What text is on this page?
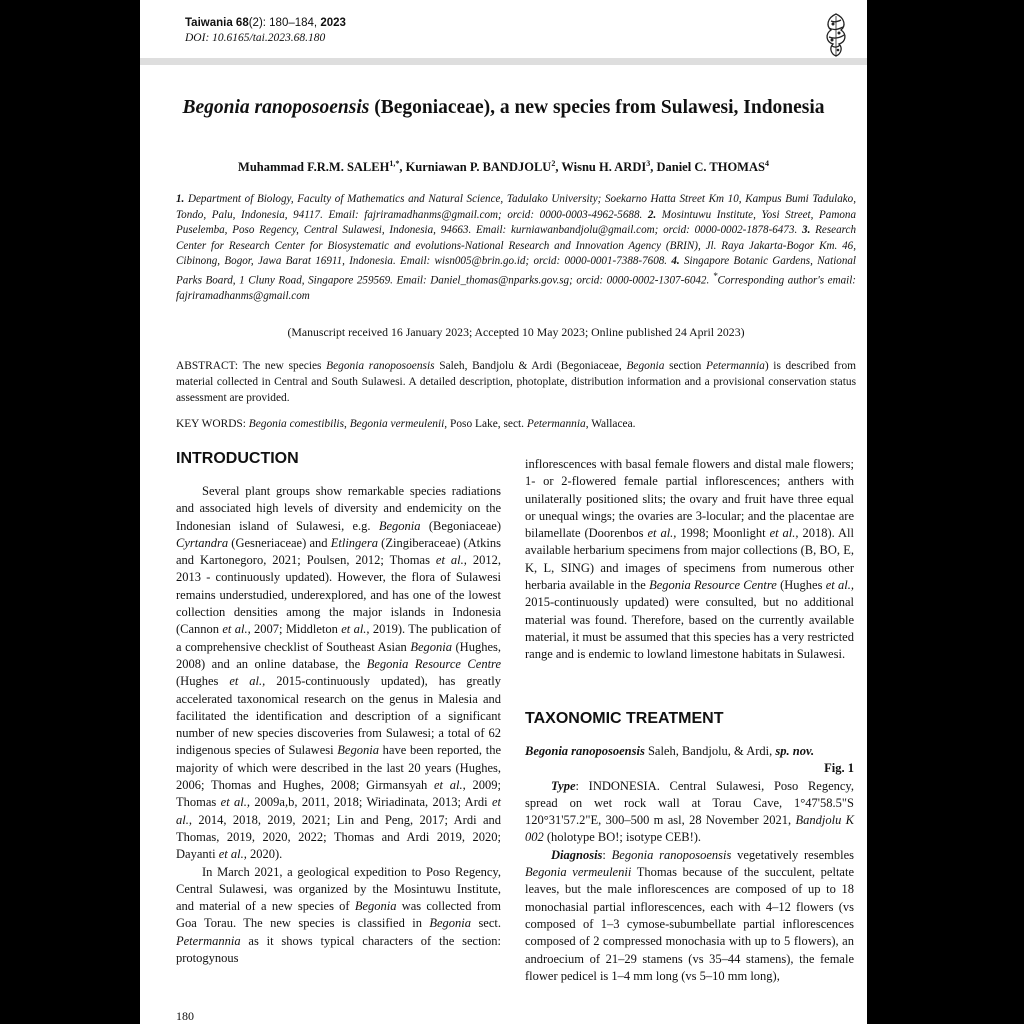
Taiwania 68(2): 180–184, 2023
DOI: 10.6165/tai.2023.68.180
Begonia ranoposoensis (Begoniaceae), a new species from Sulawesi, Indonesia
Muhammad F.R.M. $SALEH^{1,*}$, Kurniawan P. BANDJOLU$^2$, Wisnu H. ARDI$^3$, Daniel C. THOMAS$^4$
1. Department of Biology, Faculty of Mathematics and Natural Science, Tadulako University; Soekarno Hatta Street Km 10, Kampus Bumi Tadulako, Tondo, Palu, Indonesia, 94117. Email: fajriramadhanms@gmail.com; orcid: 0000-0003-4962-5688. 2. Mosintuwu Institute, Yosi Street, Pamona Puselemba, Poso Regency, Central Sulawesi, Indonesia, 94663. Email: kurniawanbandjolu@gmail.com; orcid: 0000-0002-1878-6473. 3. Research Center for Research Center for Biosystematic and evolutions-National Research and Innovation Agency (BRIN), Jl. Raya Jakarta-Bogor Km. 46, Cibinong, Bogor, Jawa Barat 16911, Indonesia. Email: wisn005@brin.go.id; orcid: 0000-0001-7388-7608. 4. Singapore Botanic Gardens, National Parks Board, 1 Cluny Road, Singapore 259569. Email: Daniel_thomas@nparks.gov.sg; orcid: 0000-0002-1307-6042. *Corresponding author's email: fajriramadhanms@gmail.com
(Manuscript received 16 January 2023; Accepted 10 May 2023; Online published 24 April 2023)
ABSTRACT: The new species Begonia ranoposoensis Saleh, Bandjolu & Ardi (Begoniaceae, Begonia section Petermannia) is described from material collected in Central and South Sulawesi. A detailed description, photoplate, distribution information and a provisional conservation status assessment are provided.
KEY WORDS: Begonia comestibilis, Begonia vermeulenii, Poso Lake, sect. Petermannia, Wallacea.
INTRODUCTION

Several plant groups show remarkable species radiations and associated high levels of diversity and endemicity on the Indonesian island of Sulawesi, e.g. Begonia (Begoniaceae) Cyrtandra (Gesneriaceae) and Etlingera (Zingiberaceae) (Atkins and Kartonegoro, 2021; Poulsen, 2012; Thomas et al., 2012, 2013 - continuously updated). However, the flora of Sulawesi remains understudied, underexplored, and has one of the lowest collection densities among the major islands in Indonesia (Cannon et al., 2007; Middleton et al., 2019). The publication of a comprehensive checklist of Southeast Asian Begonia (Hughes, 2008) and an online database, the Begonia Resource Centre (Hughes et al., 2015-continuously updated), has greatly accelerated taxonomical research on the genus in Malesia and facilitated the identification and description of a significant number of new species discoveries from Sulawesi; a total of 62 indigenous species of Sulawesi Begonia have been reported, the majority of which were described in the last 20 years (Hughes, 2006; Thomas and Hughes, 2008; Girmansyah et al., 2009; Thomas et al., 2009a,b, 2011, 2018; Wiriadinata, 2013; Ardi et al., 2014, 2018, 2019, 2021; Lin and Peng, 2017; Ardi and Thomas, 2019, 2020, 2022; Thomas and Ardi 2019, 2020; Dayanti et al., 2020).

In March 2021, a geological expedition to Poso Regency, Central Sulawesi, was organized by the Mosintuwu Institute, and material of a new species of Begonia was collected from Goa Torau. The new species is classified in Begonia sect. Petermannia as it shows typical characters of the section: protogynous

inflorescences with basal female flowers and distal male flowers; 1- or 2-flowered female partial inflorescences; anthers with unilaterally positioned slits; the ovary and fruit have three equal or unequal wings; the ovaries are 3-locular; and the placentae are bilamellate (Doorenbos et al., 1998; Moonlight et al., 2018). All available herbarium specimens from major collections (B, BO, E, K, L, SING) and images of specimens from numerous other herbaria available in the Begonia Resource Centre (Hughes et al., 2015-continuously updated) were consulted, but no additional material was found. Therefore, based on the currently available material, it must be assumed that this species has a very restricted range and is endemic to lowland limestone habitats in Sulawesi.

TAXONOMIC TREATMENT

Begonia ranoposoensis Saleh, Bandjolu, & Ardi, sp. nov.

Fig. 1

Type: INDONESIA. Central Sulawesi, Poso Regency, spread on wet rock wall at Torau Cave, 1°47'58.5"S 120°31'57.2"E, 300–500 m asl, 28 November 2021, Bandjolu K 002 (holotype BO!; isotype CEB!).

Diagnosis: Begonia ranoposoensis vegetatively resembles Begonia vermeulenii Thomas because of the succulent, peltate leaves, but the male inflorescences are composed of up to 18 monochasial partial inflorescences, each with 4–12 flowers (vs composed of 1–3 cymose-subumbellate partial inflorescences composed of 2 compressed monochasia with up to 5 flowers), an androecium of 21–29 stamens (vs 35–44 stamens), the female flower pedicel is 1–4 mm long (vs 5–10 mm long),

180
